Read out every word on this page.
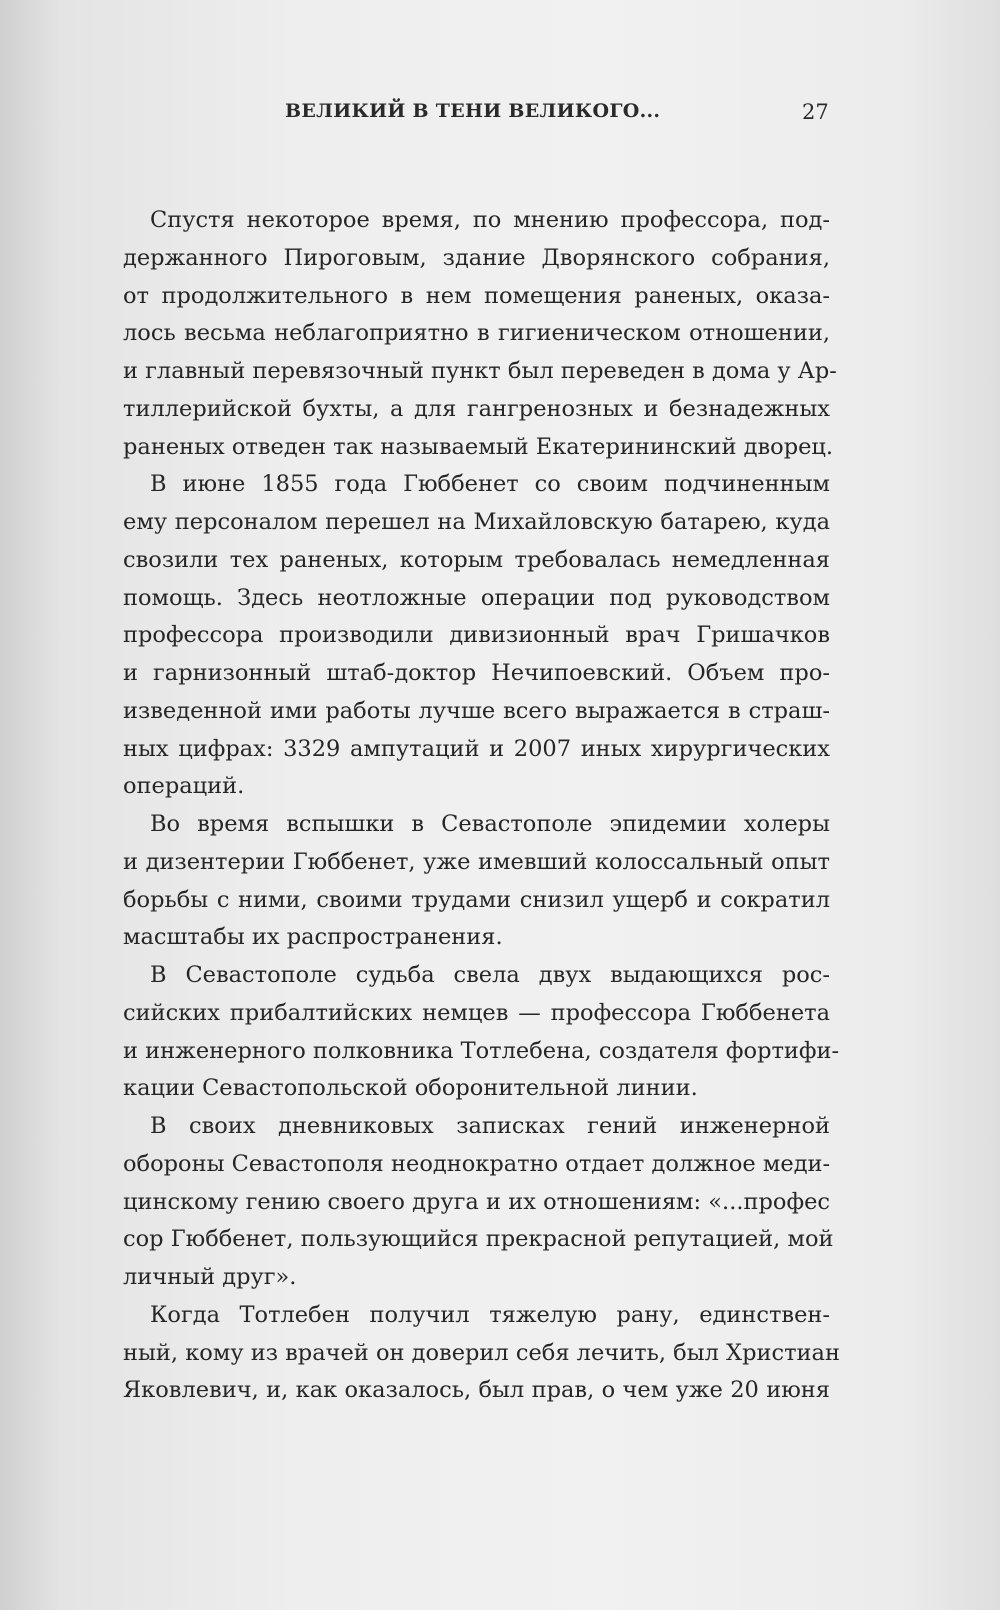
ВЕЛИКИЙ В ТЕНИ ВЕЛИКОГО...	27
Спустя некоторое время, по мнению профессора, под-
держанного Пироговым, здание Дворянского собрания,
от продолжительного в нем помещения раненых, оказа-
лось весьма неблагоприятно в гигиеническом отношении,
и главный перевязочный пункт был переведен в дома у Ар-
тиллерийской бухты, а для гангренозных и безнадежных
раненых отведен так называемый Екатерининский дворец.
В июне 1855 года Гюббенет со своим подчиненным
ему персоналом перешел на Михайловскую батарею, куда
свозили тех раненых, которым требовалась немедленная
помощь. Здесь неотложные операции под руководством
профессора производили дивизионный врач Гришачков
и гарнизонный штаб-доктор Нечипоевский. Объем про-
изведенной ими работы лучше всего выражается в страш-
ных цифрах: 3329 ампутаций и 2007 иных хирургических
операций.
Во время вспышки в Севастополе эпидемии холеры
и дизентерии Гюббенет, уже имевший колоссальный опыт
борьбы с ними, своими трудами снизил ущерб и сократил
масштабы их распространения.
В Севастополе судьба свела двух выдающихся рос-
сийских прибалтийских немцев — профессора Гюббенета
и инженерного полковника Тотлебена, создателя фортифи-
кации Севастопольской оборонительной линии.
В своих дневниковых записках гений инженерной
обороны Севастополя неоднократно отдает должное меди-
цинскому гению своего друга и их отношениям: «...профес
сор Гюббенет, пользующийся прекрасной репутацией, мой
личный друг».
Когда Тотлебен получил тяжелую рану, единствен-
ный, кому из врачей он доверил себя лечить, был Христиан
Яковлевич, и, как оказалось, был прав, о чем уже 20 июня
